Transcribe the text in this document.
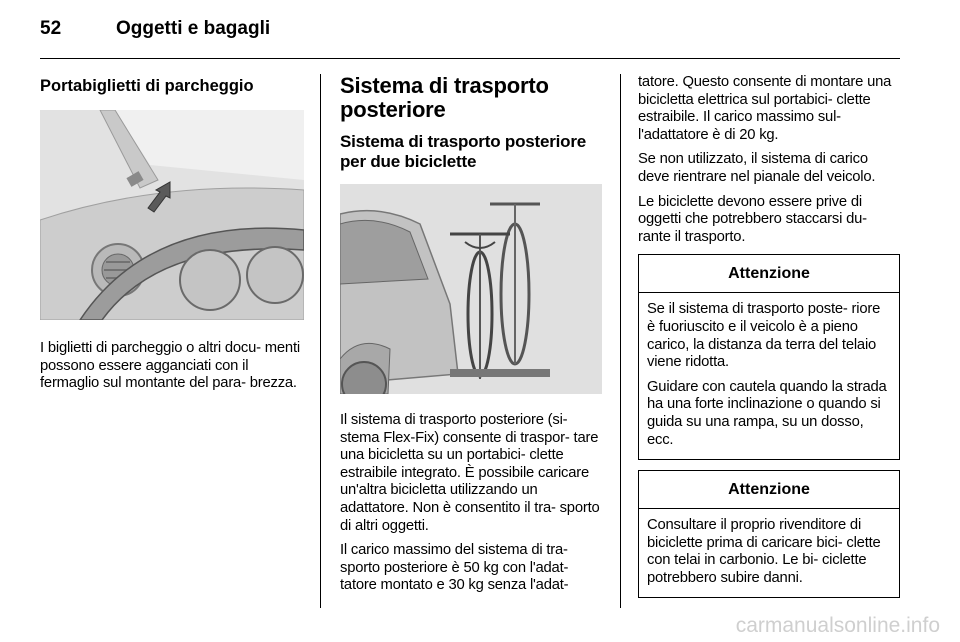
52	Oggetti e bagagli
Portabiglietti di parcheggio

I biglietti di parcheggio o altri docu- menti possono essere agganciati con il fermaglio sul montante del para- brezza.

Sistema di trasporto posteriore
Sistema di trasporto posteriore per due biciclette

Il sistema di trasporto posteriore (si- stema Flex-Fix) consente di traspor- tare una bicicletta su un portabici- clette estraibile integrato. È possibile caricare un'altra bicicletta utilizzando un adattatore. Non è consentito il tra- sporto di altri oggetti.

Il carico massimo del sistema di tra- sporto posteriore è 50 kg con l'adat- tatore montato e 30 kg senza l'adat-

tatore. Questo consente di montare una bicicletta elettrica sul portabici- clette estraibile. Il carico massimo sul- l'adattatore è di 20 kg.

Se non utilizzato, il sistema di carico deve rientrare nel pianale del veicolo.

Le biciclette devono essere prive di oggetti che potrebbero staccarsi du- rante il trasporto.

Attenzione

Se il sistema di trasporto poste- riore è fuoriuscito e il veicolo è a pieno carico, la distanza da terra del telaio viene ridotta.

Guidare con cautela quando la strada ha una forte inclinazione o quando si guida su una rampa, su un dosso, ecc.

Attenzione

Consultare il proprio rivenditore di biciclette prima di caricare bici- clette con telai in carbonio. Le bi- ciclette potrebbero subire danni.

carmanualsonline.info
